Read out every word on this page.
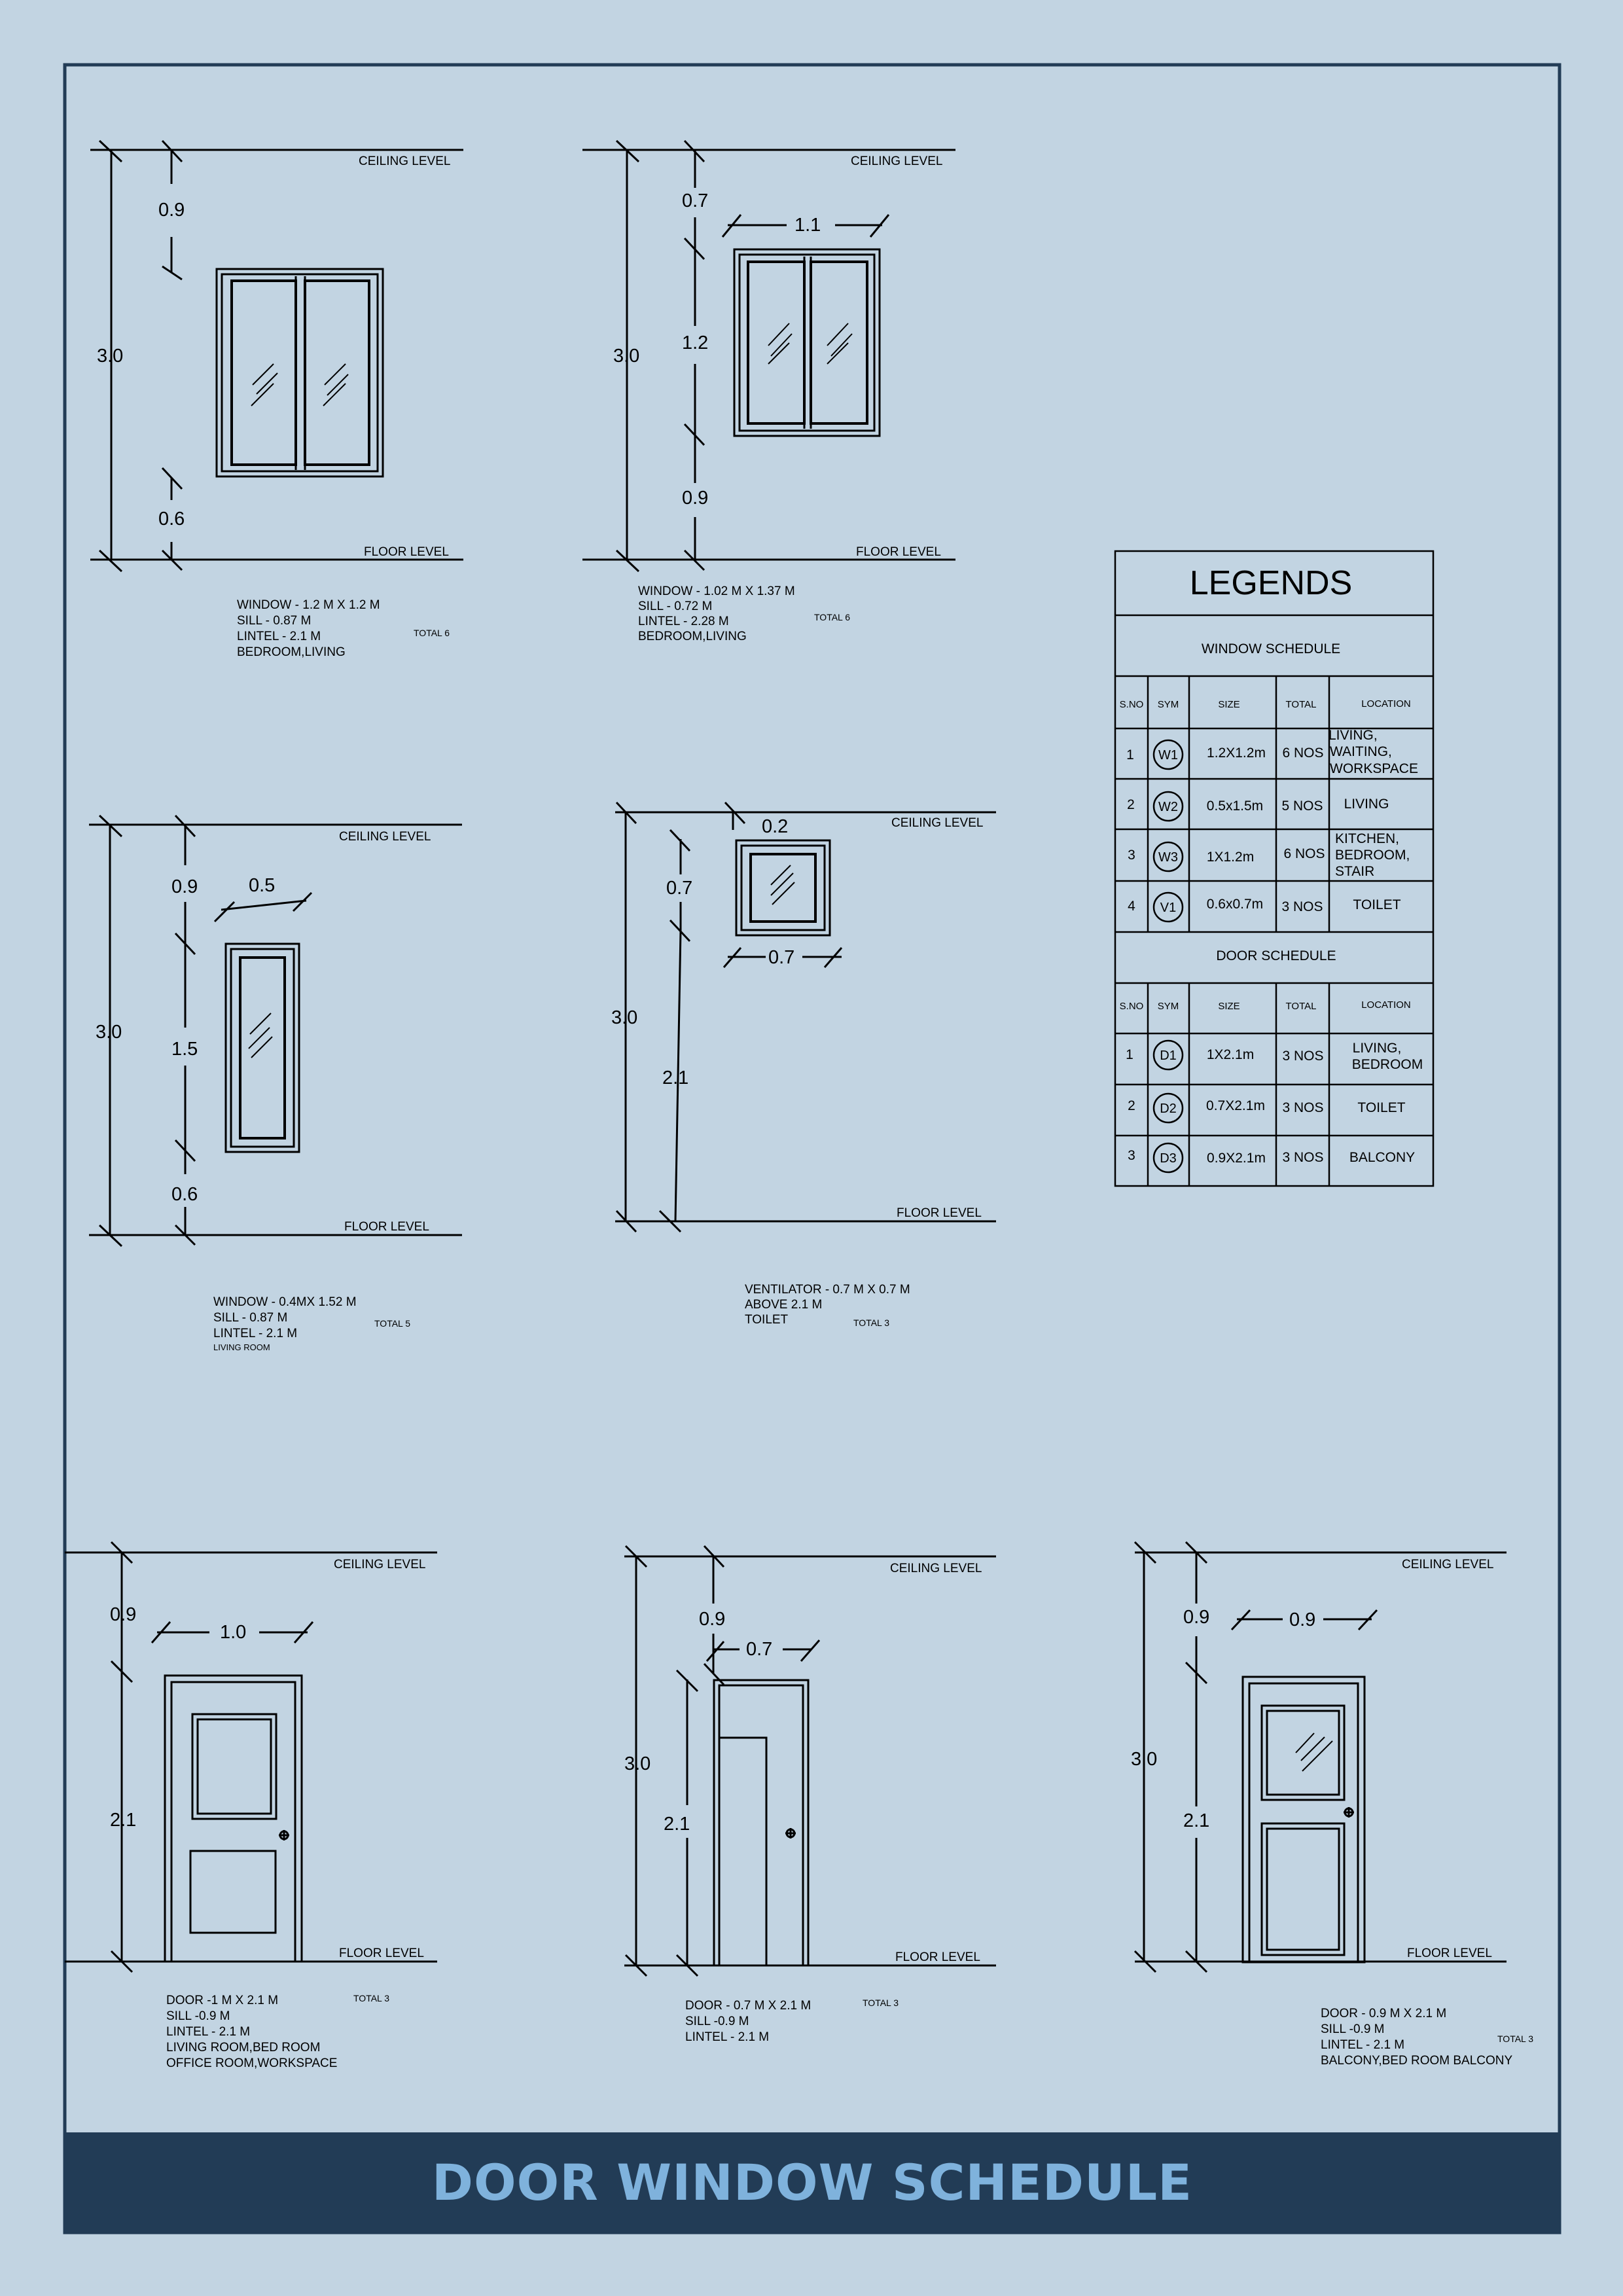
CEILING LEVEL
FLOOR LEVEL
3.0
0.9
0.6
WINDOW - 1.2 M X 1.2 M
SILL - 0.87 M
LINTEL - 2.1 M
BEDROOM,LIVING
TOTAL 6
CEILING LEVEL
FLOOR LEVEL
3.0
0.7
1.2
0.9
1.1
WINDOW - 1.02 M X 1.37 M
SILL - 0.72 M
LINTEL - 2.28 M
BEDROOM,LIVING
TOTAL 6
CEILING LEVEL
FLOOR LEVEL
3.0
0.9
1.5
0.6
0.5
WINDOW - 0.4MX 1.52 M
SILL - 0.87 M
LINTEL - 2.1 M
LIVING ROOM
TOTAL 5
CEILING LEVEL
FLOOR LEVEL
3.0
0.7
2.1
0.2
0.7
VENTILATOR - 0.7 M X 0.7 M
ABOVE 2.1 M
TOILET	TOTAL 3
LEGENDS
WINDOW SCHEDULE
S.NO SYM	SIZE	TOTAL	LOCATION
1 W1 1.2X1.2m 6 NOS
LIVING,
WAITING,
WORKSPACE
2 W2 0.5x1.5m 5 NOS LIVING
3 W3 1X1.2m 6 NOS
KITCHEN,
BEDROOM,
STAIR
4 V1 0.6x0.7m 3 NOS TOILET
DOOR SCHEDULE
S.NO SYM	SIZE	TOTAL	LOCATION
1 D1 1X2.1m 3 NOS
LIVING,
BEDROOM
2 D2 0.7X2.1m 3 NOS TOILET
3 D3 0.9X2.1m 3 NOS BALCONY
CEILING LEVEL
FLOOR LEVEL
0.9
2.1
1.0
DOOR -1 M X 2.1 M
SILL -0.9 M
LINTEL - 2.1 M
LIVING ROOM,BED ROOM
OFFICE ROOM,WORKSPACE
TOTAL 3
CEILING LEVEL
FLOOR LEVEL
3.0
0.9
2.1
0.7
DOOR - 0.7 M X 2.1 M
SILL -0.9 M
LINTEL - 2.1 M
TOTAL 3
CEILING LEVEL
FLOOR LEVEL
3.0
0.9
2.1
0.9
DOOR - 0.9 M X 2.1 M
SILL -0.9 M
LINTEL - 2.1 M
BALCONY,BED ROOM BALCONY
TOTAL 3
DOOR WINDOW SCHEDULE
